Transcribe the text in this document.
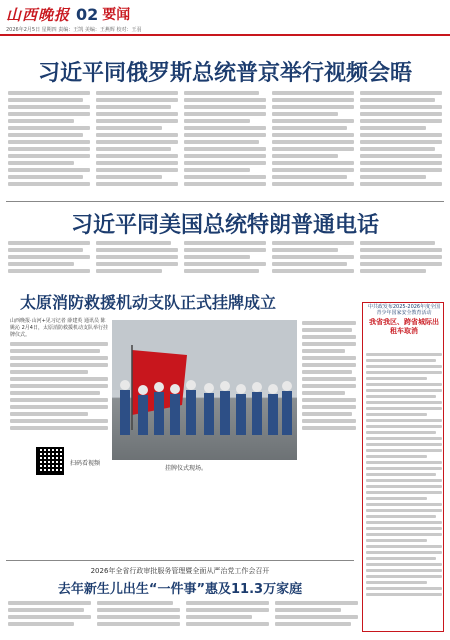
山西晚报 02 要闻
2026年2月5日 星期四 责编：王凯 美编：王燕辉 校对：王羽
习近平同俄罗斯总统普京举行视频会晤
习近平同美国总统特朗普通电话
太原消防救援机动支队正式挂牌成立
山西晚报·山河+见习记者 薛建英 通讯员 陈 姚沁 2月4日，太原消防救援机动支队举行挂牌仪式。
挂牌仪式现场。
扫码看视频
中共政发布2025-2026年度全国青少年国家安全教育活动
我省我区、跨省城际出租车取消
2026年全省行政审批服务管理暨全面从严治党工作会召开
去年新生儿出生“一件事”惠及11.3万家庭
